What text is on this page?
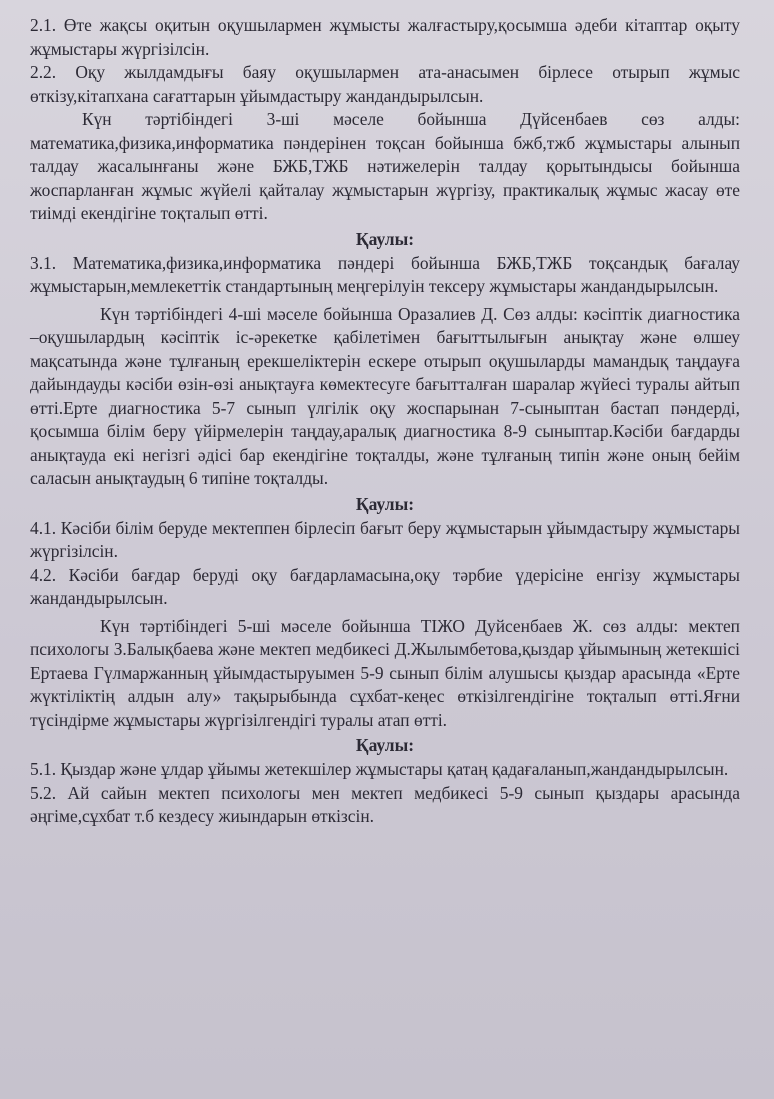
2.1. Өте жақсы оқитын оқушылармен жұмысты жалғастыру,қосымша әдеби кітаптар оқыту жұмыстары жүргізілсін.

2.2. Оқу жылдамдығы баяу оқушылармен ата-анасымен бірлесе отырып жұмыс өткізу,кітапхана сағаттарын ұйымдастыру жандандырылсын.

Күн тәртібіндегі 3-ші мәселе бойынша Дүйсенбаев сөз алды: математика,физика,информатика пәндерінен тоқсан бойынша бжб,тжб жұмыстары алынып талдау жасалынғаны және БЖБ,ТЖБ нәтижелерін талдау қорытындысы бойынша жоспарланған жұмыс жүйелі қайталау жұмыстарын жүргізу, практикалық жұмыс жасау өте тиімді екендігіне тоқталып өтті.

Қаулы:

3.1. Математика,физика,информатика пәндері бойынша БЖБ,ТЖБ тоқсандық бағалау жұмыстарын,мемлекеттік стандартының меңгерілуін тексеру жұмыстары жандандырылсын.

Күн тәртібіндегі 4-ші мәселе бойынша Оразалиев Д. Сөз алды: кәсіптік диагностика –оқушылардың кәсіптік іс-әрекетке қабілетімен бағыттылығын анықтау және өлшеу мақсатында және тұлғаның ерекшеліктерін ескере отырып оқушыларды мамандық таңдауға дайындауды кәсіби өзін-өзі анықтауға көмектесуге бағытталған шаралар жүйесі туралы айтып өтті.Ерте диагностика 5-7 сынып үлгілік оқу жоспарынан 7-сыныптан бастап пәндерді, қосымша білім беру үйірмелерін таңдау,аралық диагностика 8-9 сыныптар.Кәсіби бағдарды анықтауда екі негізгі әдісі бар екендігіне тоқталды, және тұлғаның типін және оның бейім саласын анықтаудың 6 типіне тоқталды.

Қаулы:

4.1. Кәсіби білім беруде мектеппен бірлесіп бағыт беру жұмыстарын ұйымдастыру жұмыстары жүргізілсін.

4.2. Кәсіби бағдар беруді оқу бағдарламасына,оқу тәрбие үдерісіне енгізу жұмыстары жандандырылсын.

Күн тәртібіндегі 5-ші мәселе бойынша ТІЖО Дуйсенбаев Ж. сөз алды: мектеп психологы З.Балықбаева және мектеп медбикесі Д.Жылымбетова,қыздар ұйымының жетекшісі Ертаева Гүлмаржанның ұйымдастыруымен 5-9 сынып білім алушысы қыздар арасында «Ерте жүктіліктің алдын алу» тақырыбында сұхбат-кеңес өткізілгендігіне тоқталып өтті.Яғни түсіндірме жұмыстары жүргізілгендігі туралы атап өтті.

Қаулы:

5.1. Қыздар және ұлдар ұйымы жетекшілер жұмыстары қатаң қадағаланып,жандандырылсын.

5.2. Ай сайын мектеп психологы мен мектеп медбикесі 5-9 сынып қыздары арасында әңгіме,сұхбат т.б кездесу жиындарын өткізсін.
